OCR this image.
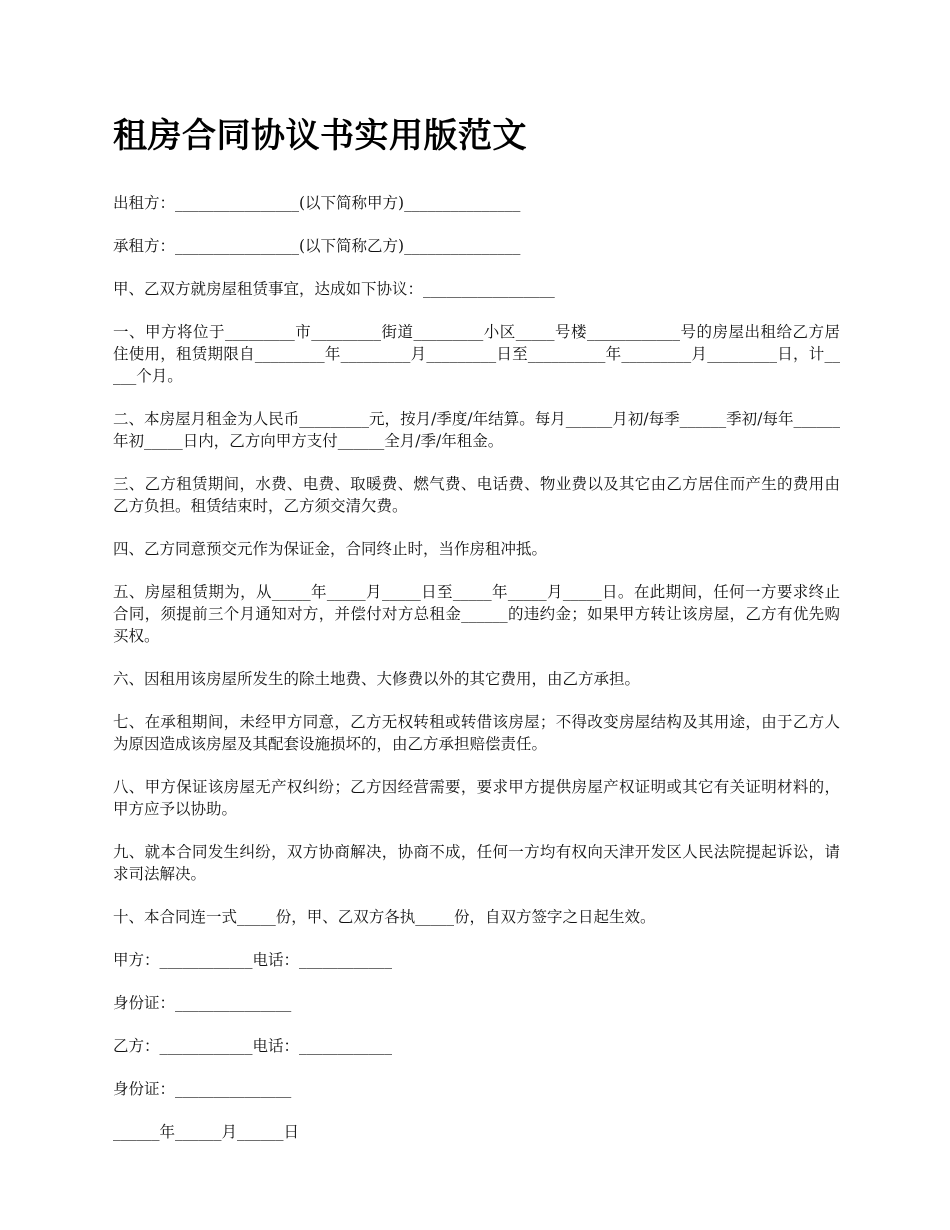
租房合同协议书实用版范文

出租方：________________(以下简称甲方)_______________

承租方：________________(以下简称乙方)_______________

甲、乙双方就房屋租赁事宜，达成如下协议：_________________

一、甲方将位于_________市_________街道_________小区_____号楼____________号的房屋出租给乙方居住使用，租赁期限自_________年_________月_________日至__________年_________月_________日，计_____个月。

二、本房屋月租金为人民币_________元，按月/季度/年结算。每月______月初/每季______季初/每年______年初_____日内，乙方向甲方支付______全月/季/年租金。

三、乙方租赁期间，水费、电费、取暖费、燃气费、电话费、物业费以及其它由乙方居住而产生的费用由乙方负担。租赁结束时，乙方须交清欠费。

四、乙方同意预交元作为保证金，合同终止时，当作房租冲抵。

五、房屋租赁期为，从_____年_____月_____日至_____年_____月_____日。在此期间，任何一方要求终止合同，须提前三个月通知对方，并偿付对方总租金______的违约金；如果甲方转让该房屋，乙方有优先购买权。

六、因租用该房屋所发生的除土地费、大修费以外的其它费用，由乙方承担。

七、在承租期间，未经甲方同意，乙方无权转租或转借该房屋；不得改变房屋结构及其用途，由于乙方人为原因造成该房屋及其配套设施损坏的，由乙方承担赔偿责任。

八、甲方保证该房屋无产权纠纷；乙方因经营需要，要求甲方提供房屋产权证明或其它有关证明材料的，甲方应予以协助。

九、就本合同发生纠纷，双方协商解决，协商不成，任何一方均有权向天津开发区人民法院提起诉讼，请求司法解决。

十、本合同连一式_____份，甲、乙双方各执_____份，自双方签字之日起生效。

甲方：____________电话：____________

身份证：_______________

乙方：____________电话：____________

身份证：_______________

______年______月______日
